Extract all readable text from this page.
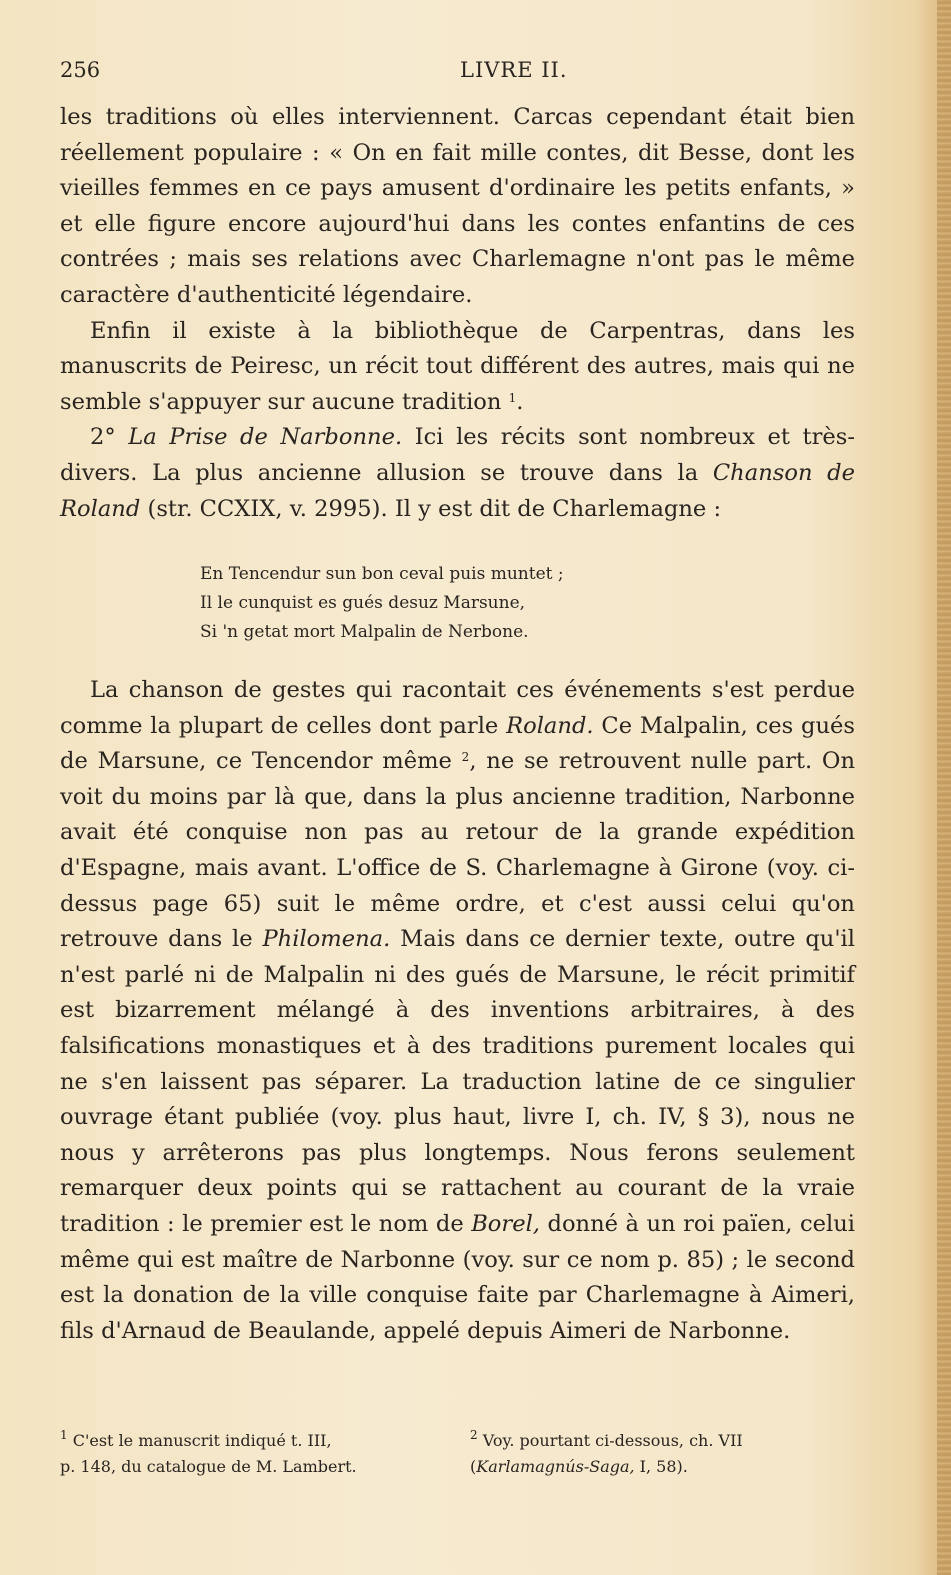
256	LIVRE II.

les traditions où elles interviennent. Carcas cependant était bien réellement populaire : « On en fait mille contes, dit Besse, dont les vieilles femmes en ce pays amusent d'ordinaire les petits enfants, » et elle figure encore aujourd'hui dans les contes enfantins de ces contrées ; mais ses relations avec Charlemagne n'ont pas le même caractère d'authenticité légendaire.

Enfin il existe à la bibliothèque de Carpentras, dans les manuscrits de Peiresc, un récit tout différent des autres, mais qui ne semble s'appuyer sur aucune tradition $^1$.

2° La Prise de Narbonne. Ici les récits sont nombreux et très-divers. La plus ancienne allusion se trouve dans la Chanson de Roland (str. CCXIX, v. 2995). Il y est dit de Charlemagne :

En Tencendur sun bon ceval puis muntet ;
Il le cunquist es gués desuz Marsune,
Si 'n getat mort Malpalin de Nerbone.

La chanson de gestes qui racontait ces événements s'est perdue comme la plupart de celles dont parle Roland. Ce Malpalin, ces gués de Marsune, ce Tencendor même $^2$, ne se retrouvent nulle part. On voit du moins par là que, dans la plus ancienne tradition, Narbonne avait été conquise non pas au retour de la grande expédition d'Espagne, mais avant. L'office de S. Charlemagne à Girone (voy. ci-dessus page 65) suit le même ordre, et c'est aussi celui qu'on retrouve dans le Philomena. Mais dans ce dernier texte, outre qu'il n'est parlé ni de Malpalin ni des gués de Marsune, le récit primitif est bizarrement mélangé à des inventions arbitraires, à des falsifications monastiques et à des traditions purement locales qui ne s'en laissent pas séparer. La traduction latine de ce singulier ouvrage étant publiée (voy. plus haut, livre I, ch. IV, § 3), nous ne nous y arrêterons pas plus longtemps. Nous ferons seulement remarquer deux points qui se rattachent au courant de la vraie tradition : le premier est le nom de Borel, donné à un roi païen, celui même qui est maître de Narbonne (voy. sur ce nom p. 85) ; le second est la donation de la ville conquise faite par Charlemagne à Aimeri, fils d'Arnaud de Beaulande, appelé depuis Aimeri de Narbonne.

$^1$ C'est le manuscrit indiqué t. III,
p. 148, du catalogue de M. Lambert.
$^2$ Voy. pourtant ci-dessous, ch. VII
(Karlamagnús-Saga, I, 58).
